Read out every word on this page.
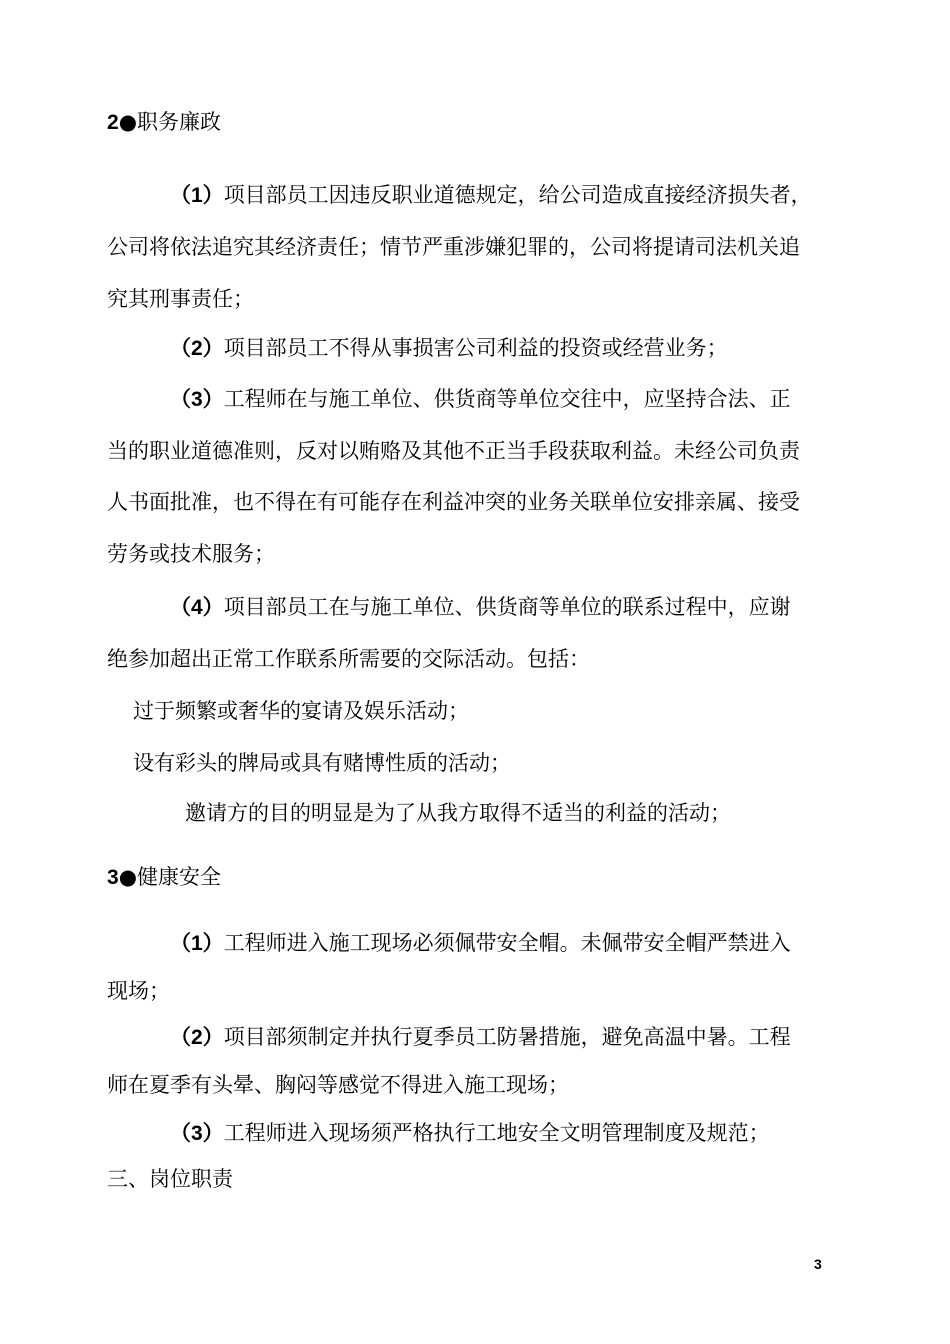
2●职务廉政
（1）项目部员工因违反职业道德规定，给公司造成直接经济损失者，
公司将依法追究其经济责任；情节严重涉嫌犯罪的，公司将提请司法机关追
究其刑事责任；
（2）项目部员工不得从事损害公司利益的投资或经营业务；
（3）工程师在与施工单位、供货商等单位交往中，应坚持合法、正
当的职业道德准则，反对以贿赂及其他不正当手段获取利益。未经公司负责
人书面批准，也不得在有可能存在利益冲突的业务关联单位安排亲属、接受
劳务或技术服务；
（4）项目部员工在与施工单位、供货商等单位的联系过程中，应谢
绝参加超出正常工作联系所需要的交际活动。包括：
过于频繁或奢华的宴请及娱乐活动；
设有彩头的牌局或具有赌博性质的活动；
邀请方的目的明显是为了从我方取得不适当的利益的活动；
3●健康安全
（1）工程师进入施工现场必须佩带安全帽。未佩带安全帽严禁进入
现场；
（2）项目部须制定并执行夏季员工防暑措施，避免高温中暑。工程
师在夏季有头晕、胸闷等感觉不得进入施工现场；
（3）工程师进入现场须严格执行工地安全文明管理制度及规范；
三、岗位职责
3
